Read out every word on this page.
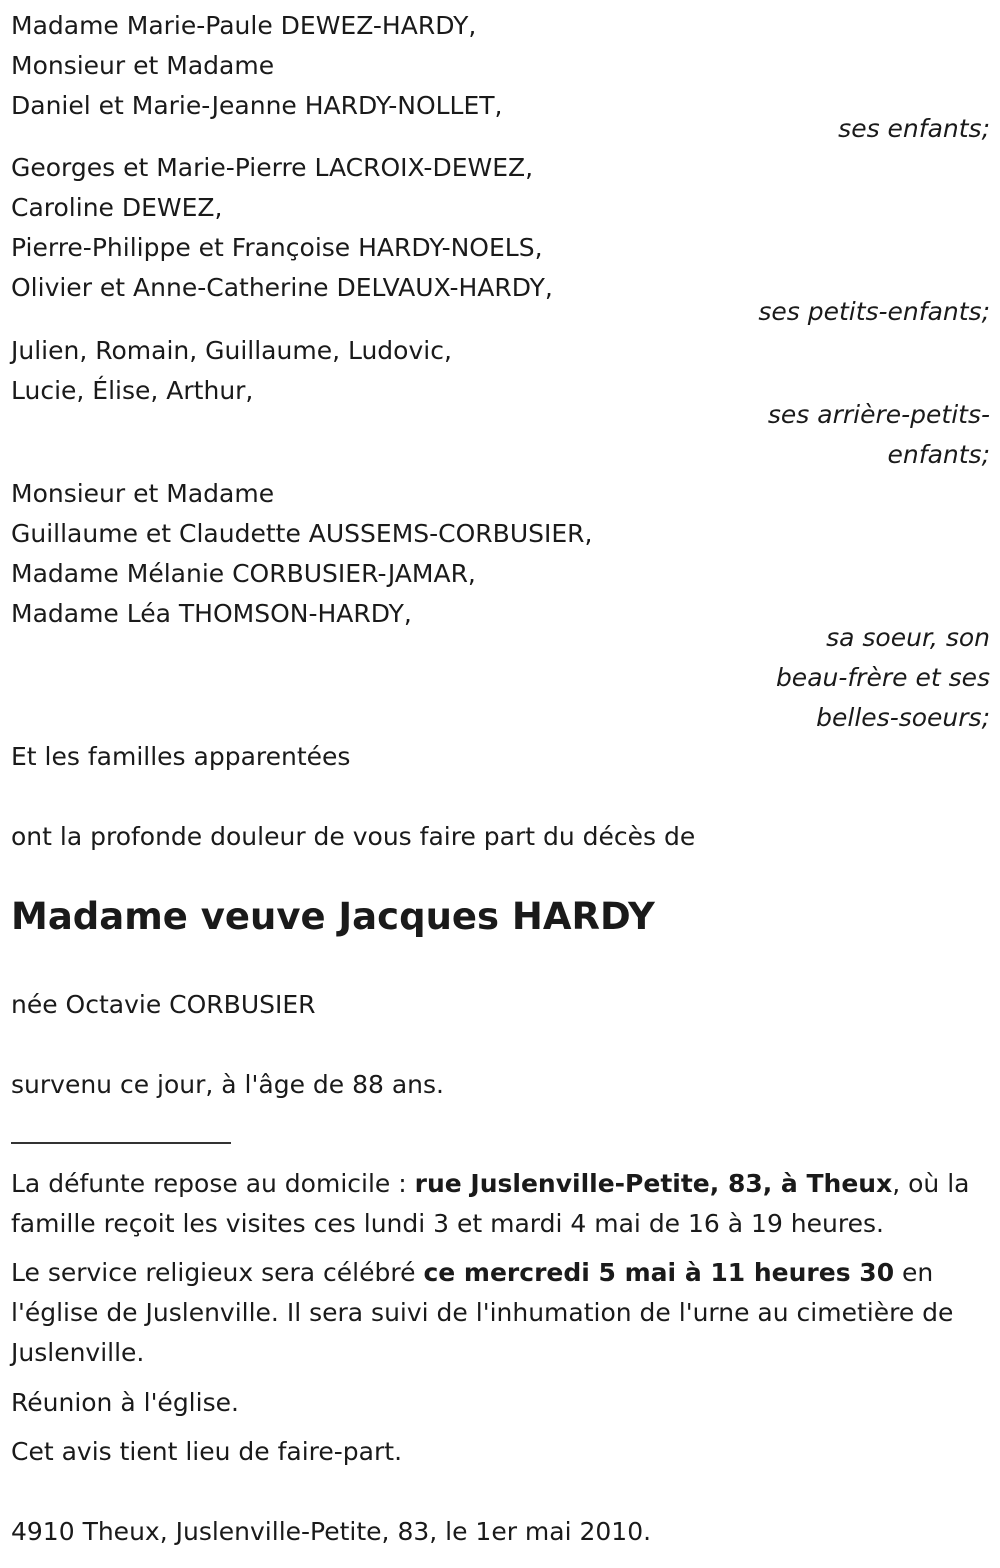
Madame Marie-Paule DEWEZ-HARDY,
Monsieur et Madame
Daniel et Marie-Jeanne HARDY-NOLLET,
ses enfants;
Georges et Marie-Pierre LACROIX-DEWEZ,
Caroline DEWEZ,
Pierre-Philippe et Françoise HARDY-NOELS,
Olivier et Anne-Catherine DELVAUX-HARDY,
ses petits-enfants;
Julien, Romain, Guillaume, Ludovic,
Lucie, Élise, Arthur,
ses arrière-petits-
enfants;
Monsieur et Madame
Guillaume et Claudette AUSSEMS-CORBUSIER,
Madame Mélanie CORBUSIER-JAMAR,
Madame Léa THOMSON-HARDY,
sa soeur, son
beau-frère et ses
belles-soeurs;
Et les familles apparentées
ont la profonde douleur de vous faire part du décès de
Madame veuve Jacques HARDY
née Octavie CORBUSIER
survenu ce jour, à l'âge de 88 ans.
La défunte repose au domicile : rue Juslenville-Petite, 83, à Theux, où la famille reçoit les visites ces lundi 3 et mardi 4 mai de 16 à 19 heures.
Le service religieux sera célébré ce mercredi 5 mai à 11 heures 30 en l'église de Juslenville. Il sera suivi de l'inhumation de l'urne au cimetière de Juslenville.
Réunion à l'église.
Cet avis tient lieu de faire-part.
4910 Theux, Juslenville-Petite, 83, le 1er mai 2010.
